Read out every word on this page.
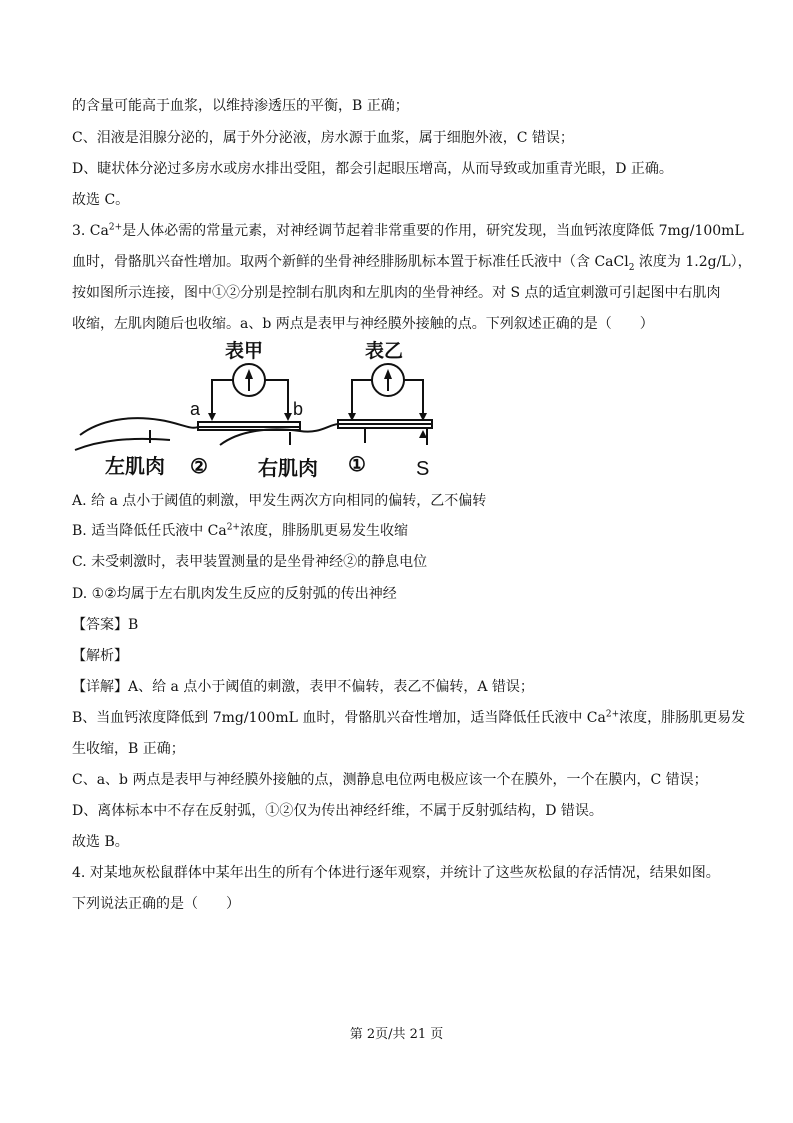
的含量可能高于血浆，以维持渗透压的平衡，B 正确；
C、泪液是泪腺分泌的，属于外分泌液，房水源于血浆，属于细胞外液，C 错误；
D、睫状体分泌过多房水或房水排出受阻，都会引起眼压增高，从而导致或加重青光眼，D 正确。
故选 C。
3. $Ca^{2+}$是人体必需的常量元素，对神经调节起着非常重要的作用，研究发现，当血钙浓度降低 7mg/100mL
血时，骨骼肌兴奋性增加。取两个新鲜的坐骨神经腓肠肌标本置于标准任氏液中（含 CaCl$_2$ 浓度为 1.2g/L），
按如图所示连接，图中①②分别是控制右肌肉和左肌肉的坐骨神经。对 S 点的适宜刺激可引起图中右肌肉
收缩，左肌肉随后也收缩。a、b 两点是表甲与神经膜外接触的点。下列叙述正确的是（　　）
表甲	表乙
a	b
左肌肉 ②	右肌肉 ①	S
A. 给 a 点小于阈值的刺激，甲发生两次方向相同的偏转，乙不偏转
B. 适当降低任氏液中 $Ca^{2+}$浓度，腓肠肌更易发生收缩
C. 未受刺激时，表甲装置测量的是坐骨神经②的静息电位
D. ①②均属于左右肌肉发生反应的反射弧的传出神经
【答案】B
【解析】
【详解】A、给 a 点小于阈值的刺激，表甲不偏转，表乙不偏转，A 错误；
B、当血钙浓度降低到 7mg/100mL 血时，骨骼肌兴奋性增加，适当降低任氏液中 $Ca^{2+}$浓度，腓肠肌更易发
生收缩，B 正确；
C、a、b 两点是表甲与神经膜外接触的点，测静息电位两电极应该一个在膜外，一个在膜内，C 错误；
D、离体标本中不存在反射弧，①②仅为传出神经纤维，不属于反射弧结构，D 错误。
故选 B。
4. 对某地灰松鼠群体中某年出生的所有个体进行逐年观察，并统计了这些灰松鼠的存活情况，结果如图。
下列说法正确的是（　　）
第 2页/共 21 页
